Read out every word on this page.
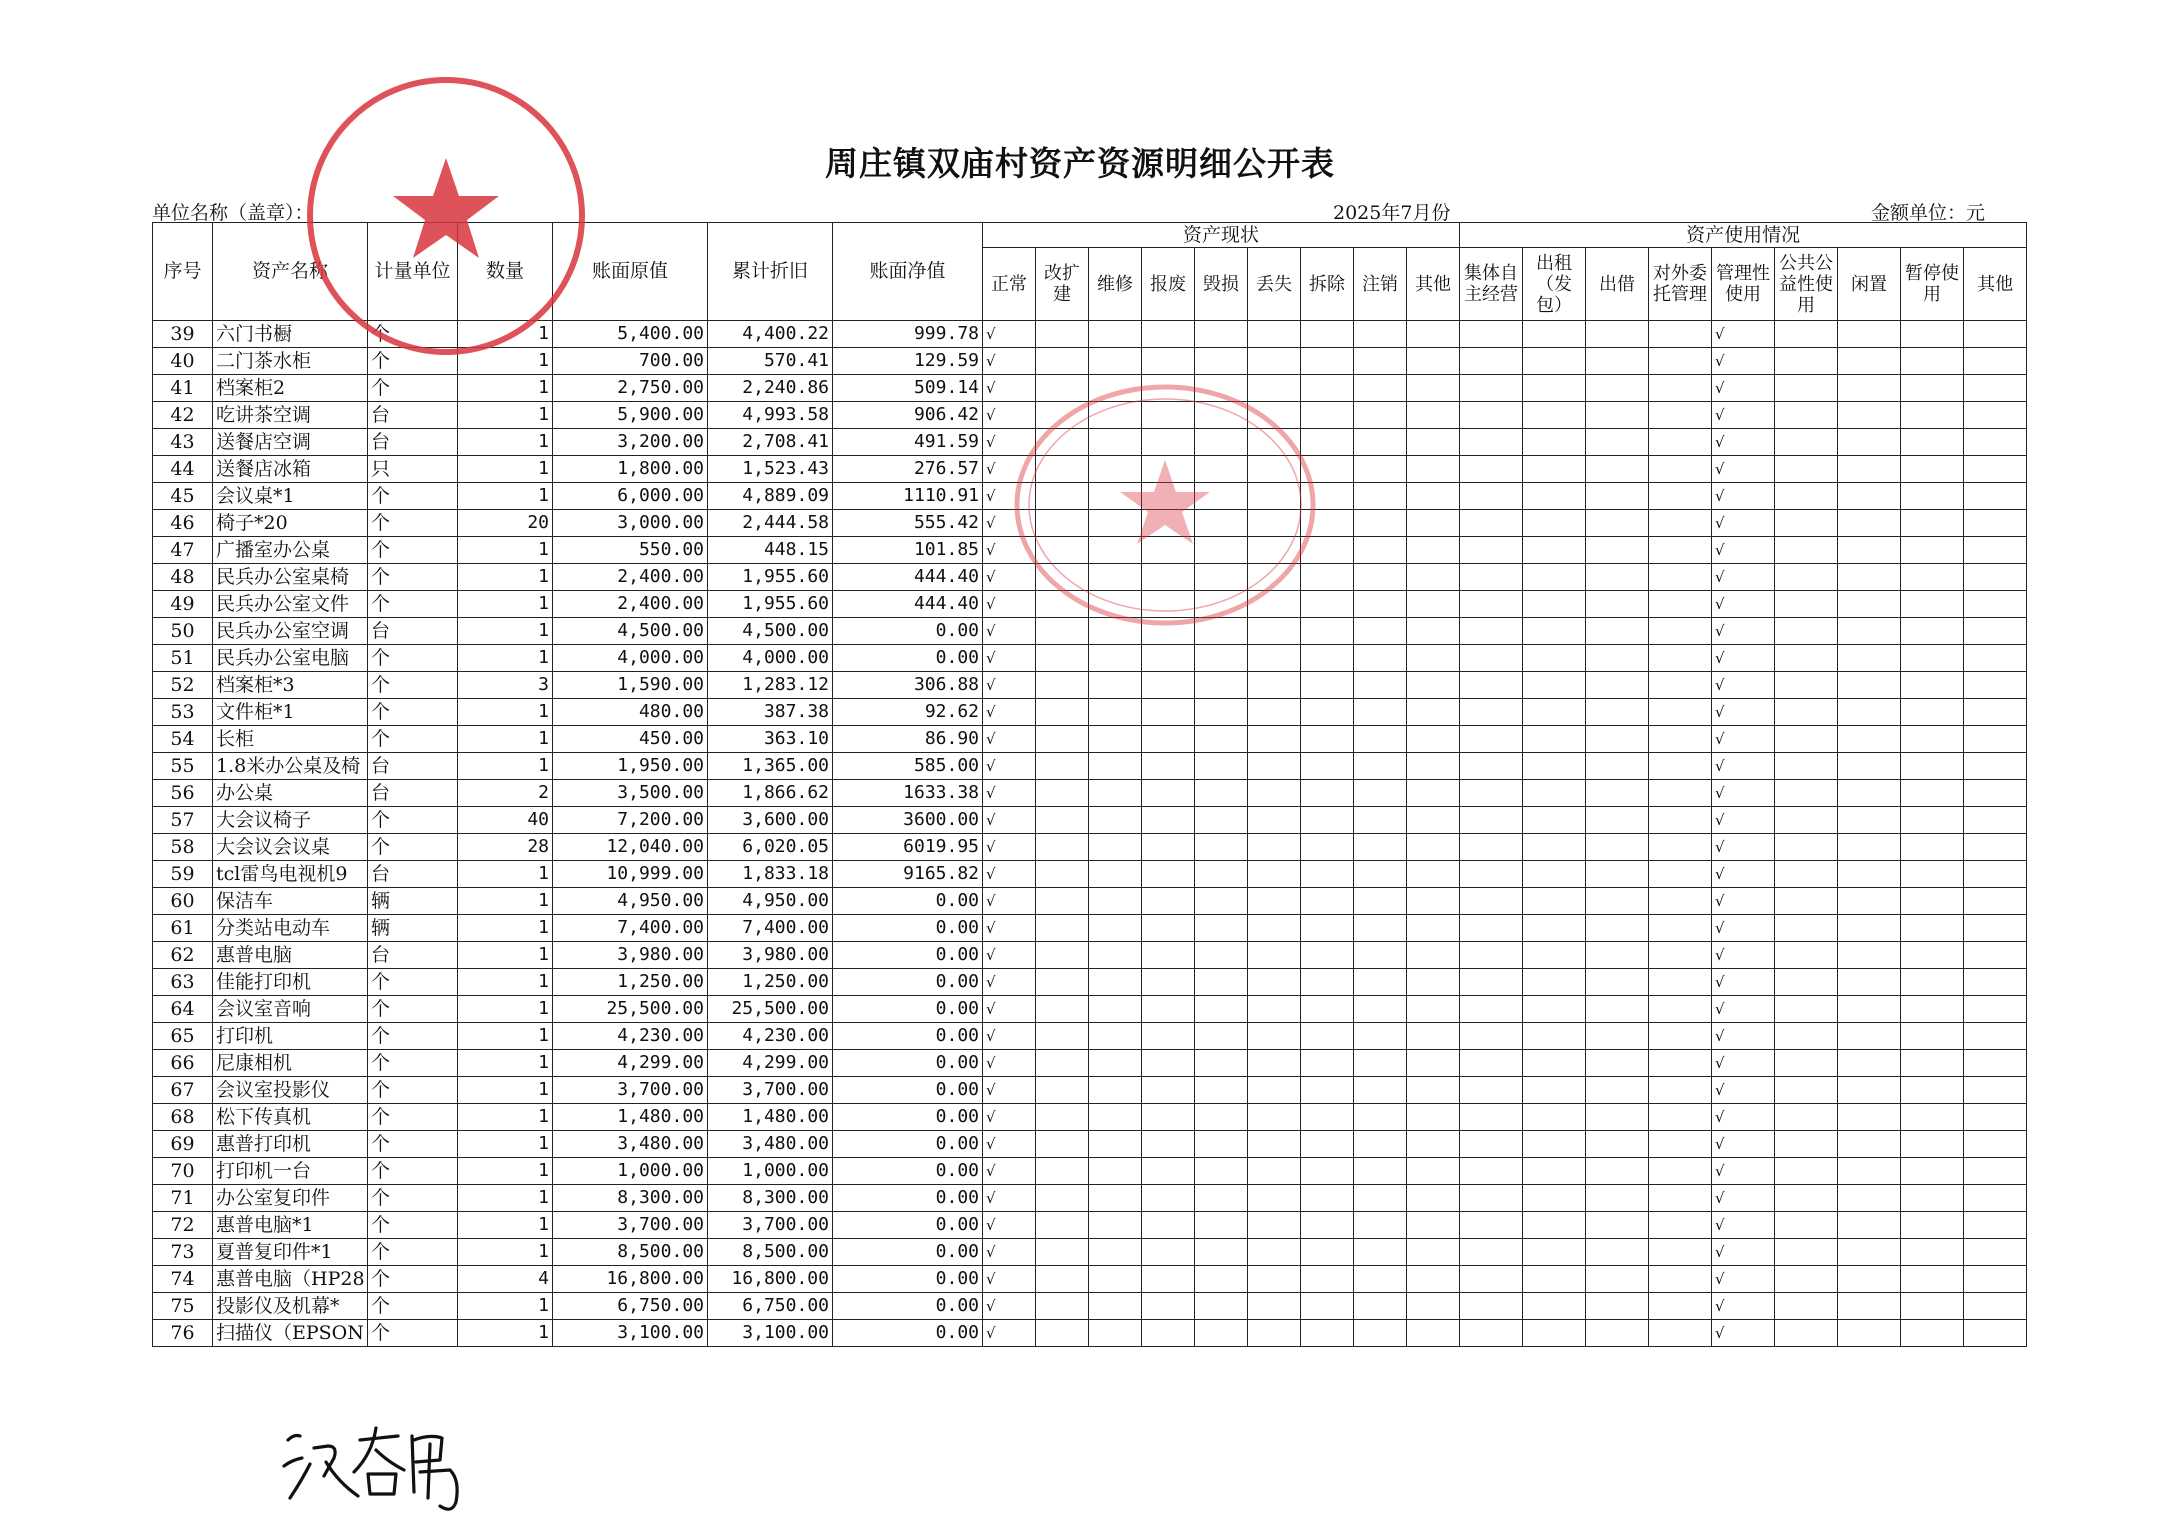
周庄镇双庙村资产资源明细公开表
单位名称（盖章）：	2025年7月份	金额单位：元
序号	资产名称	计量单位	数量	账面原值	累计折旧	账面净值	资产现状									资产使用情况								
							正常	改扩建	维修	报废	毁损	丢失	拆除	注销	其他	集体自主经营	出租（发包）	出借	对外委托管理	管理性使用	公共公益性使用	闲置	暂停使用	其他
39	六门书橱	个	1	5,400.00	4,400.22	999.78	√													√				
40	二门茶水柜	个	1	700.00	570.41	129.59	√													√				
41	档案柜2	个	1	2,750.00	2,240.86	509.14	√													√				
42	吃讲茶空调	台	1	5,900.00	4,993.58	906.42	√													√				
43	送餐店空调	台	1	3,200.00	2,708.41	491.59	√													√				
44	送餐店冰箱	只	1	1,800.00	1,523.43	276.57	√													√				
45	会议桌*1	个	1	6,000.00	4,889.09	1110.91	√													√				
46	椅子*20	个	20	3,000.00	2,444.58	555.42	√													√				
47	广播室办公桌	个	1	550.00	448.15	101.85	√													√				
48	民兵办公室桌椅	个	1	2,400.00	1,955.60	444.40	√													√				
49	民兵办公室文件	个	1	2,400.00	1,955.60	444.40	√													√				
50	民兵办公室空调	台	1	4,500.00	4,500.00	0.00	√													√				
51	民兵办公室电脑	个	1	4,000.00	4,000.00	0.00	√													√				
52	档案柜*3	个	3	1,590.00	1,283.12	306.88	√													√				
53	文件柜*1	个	1	480.00	387.38	92.62	√													√				
54	长柜	个	1	450.00	363.10	86.90	√													√				
55	1.8米办公桌及椅	台	1	1,950.00	1,365.00	585.00	√													√				
56	办公桌	台	2	3,500.00	1,866.62	1633.38	√													√				
57	大会议椅子	个	40	7,200.00	3,600.00	3600.00	√													√				
58	大会议会议桌	个	28	12,040.00	6,020.05	6019.95	√													√				
59	tcl雷鸟电视机9	台	1	10,999.00	1,833.18	9165.82	√													√				
60	保洁车	辆	1	4,950.00	4,950.00	0.00	√													√				
61	分类站电动车	辆	1	7,400.00	7,400.00	0.00	√													√				
62	惠普电脑	台	1	3,980.00	3,980.00	0.00	√													√				
63	佳能打印机	个	1	1,250.00	1,250.00	0.00	√													√				
64	会议室音响	个	1	25,500.00	25,500.00	0.00	√													√				
65	打印机	个	1	4,230.00	4,230.00	0.00	√													√				
66	尼康相机	个	1	4,299.00	4,299.00	0.00	√													√				
67	会议室投影仪	个	1	3,700.00	3,700.00	0.00	√													√				
68	松下传真机	个	1	1,480.00	1,480.00	0.00	√													√				
69	惠普打印机	个	1	3,480.00	3,480.00	0.00	√													√				
70	打印机一台	个	1	1,000.00	1,000.00	0.00	√													√				
71	办公室复印件	个	1	8,300.00	8,300.00	0.00	√													√				
72	惠普电脑*1	个	1	3,700.00	3,700.00	0.00	√													√				
73	夏普复印件*1	个	1	8,500.00	8,500.00	0.00	√													√				
74	惠普电脑（HP28	个	4	16,800.00	16,800.00	0.00	√													√				
75	投影仪及机幕*	个	1	6,750.00	6,750.00	0.00	√													√				
76	扫描仪（EPSON	个	1	3,100.00	3,100.00	0.00	√													√				
